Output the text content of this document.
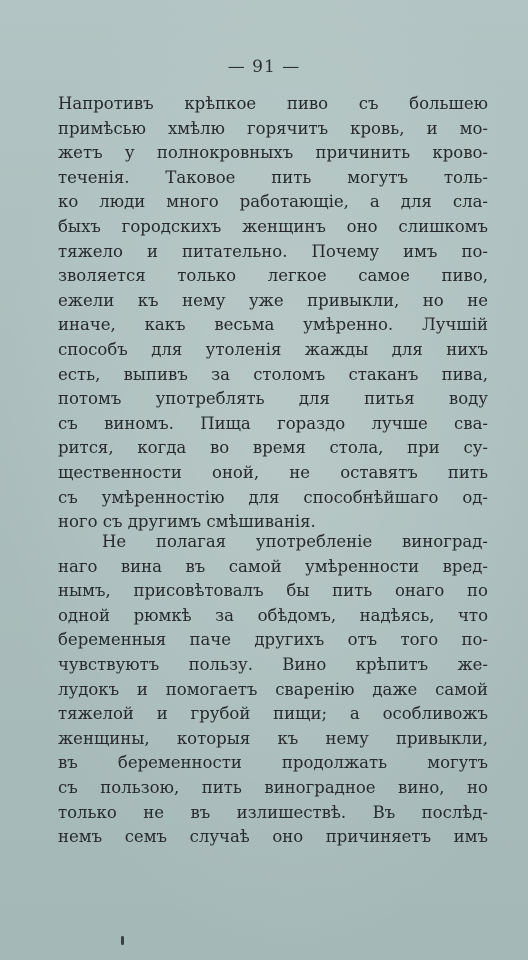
— 91 —
Напротивъ крѣпкое пиво съ большею
примѣсью хмѣлю горячитъ кровь, и мо-
жетъ у полнокровныхъ причинить крово-
теченія. Таковое пить могутъ толь-
ко люди много работающіе, а для сла-
быхъ городскихъ женщинъ оно слишкомъ
тяжело и питательно. Почему имъ по-
зволяется только легкое самое пиво,
ежели къ нему уже привыкли, но не
иначе, какъ весьма умѣренно. Лучшій
способъ для утоленія жажды для нихъ
есть, выпивъ за столомъ стаканъ пива,
потомъ употреблять для питья воду
съ виномъ. Пища гораздо лучше сва-
рится, когда во время стола, при су-
щественности оной, не оставятъ пить
съ умѣренностію для способнѣйшаго од-
ного съ другимъ смѣшиванія.
Не полагая употребленіе виноград-
наго вина въ самой умѣренности вред-
нымъ, присовѣтовалъ бы пить онаго по
одной рюмкѣ за обѣдомъ, надѣясь, что
беременныя паче другихъ отъ того по-
чувствуютъ пользу. Вино крѣпитъ же-
лудокъ и помогаетъ свaренію даже самой
тяжелой и грубой пищи; а особливожъ
женщины, которыя къ нему привыкли,
въ беременности продолжать могутъ
съ пользою, пить виноградное вино, но
только не въ излишествѣ. Въ послѣд-
немъ семъ случаѣ оно причиняетъ имъ
